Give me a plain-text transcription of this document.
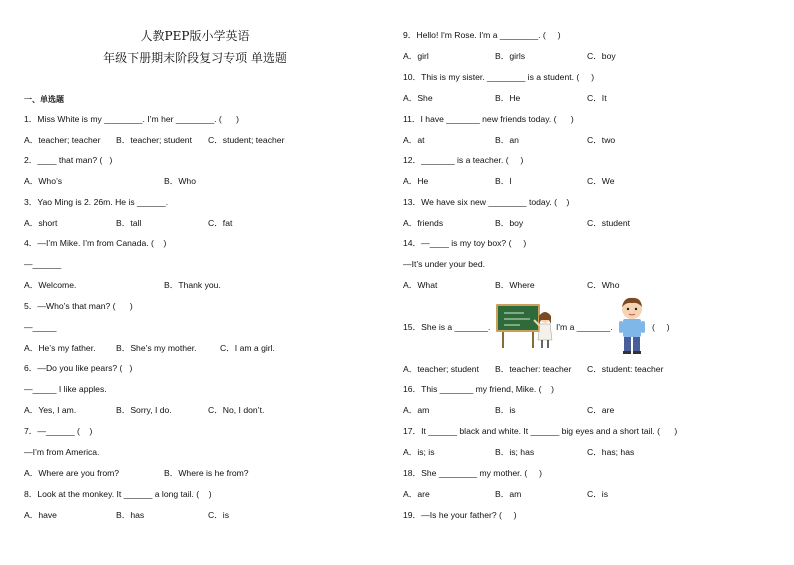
人教PEP版小学英语
年级下册期末阶段复习专项 单选题
一、单选题
1．Miss White is my ________. I’m her ________. (      )

A．teacher; teacher

B．teacher; student

C．student; teacher

2．____ that man? (   )

A．Who’s

	B．Who

3．Yao Ming is 2. 26m. He is ______.

A．short

	B．tall

	C．fat

4．—I’m Mike. I’m from Canada. (    )
—______

A．Welcome.

	B．Thank you.

5．—Who’s that man? (      )
—_____

A．He’s my father.

B．She’s my mother.

	C．I am a girl.

6．—Do you like pears? (   )
—_____ I like apples.

A．Yes, I am.

	B．Sorry, I do.

	C．No, I don’t.

7．—______ (    )
—I’m from America.

A．Where are you from?

	B．Where is he from?

8．Look at the monkey. It ______ a long tail. (    )

A．have

	B．has

	C．is

9．Hello! I'm Rose. I'm a ________. (     )

A．girl

	B．girls

	C．boy

10．This is my sister. ________ is a student. (     )

A．She

	B．He

	C．It

11．I have _______ new friends today. (      )

A．at

	B．an

	C．two

12．_______ is a teacher. (     )

A．He

	B．I

	C．We

13．We have six new ________ today. (    )

A．friends

	B．boy

	C．student

14．—____ is my toy box? (     )
—It’s under your bed.

A．What

	B．Where

	C．Who

15．She is a _______.	I'm a _______.	(     )

A．teacher; student

B．teacher: teacher

C．student: teacher

16．This _______ my friend, Mike. (    )

A．am

	B．is

	C．are

17．It ______ black and white. It ______ big eyes and a short tail. (      )

A．is; is

	B．is; has

	C．has; has

18．She ________ my mother. (     )

A．are

	B．am

	C．is

19．—Is he your father? (     )
